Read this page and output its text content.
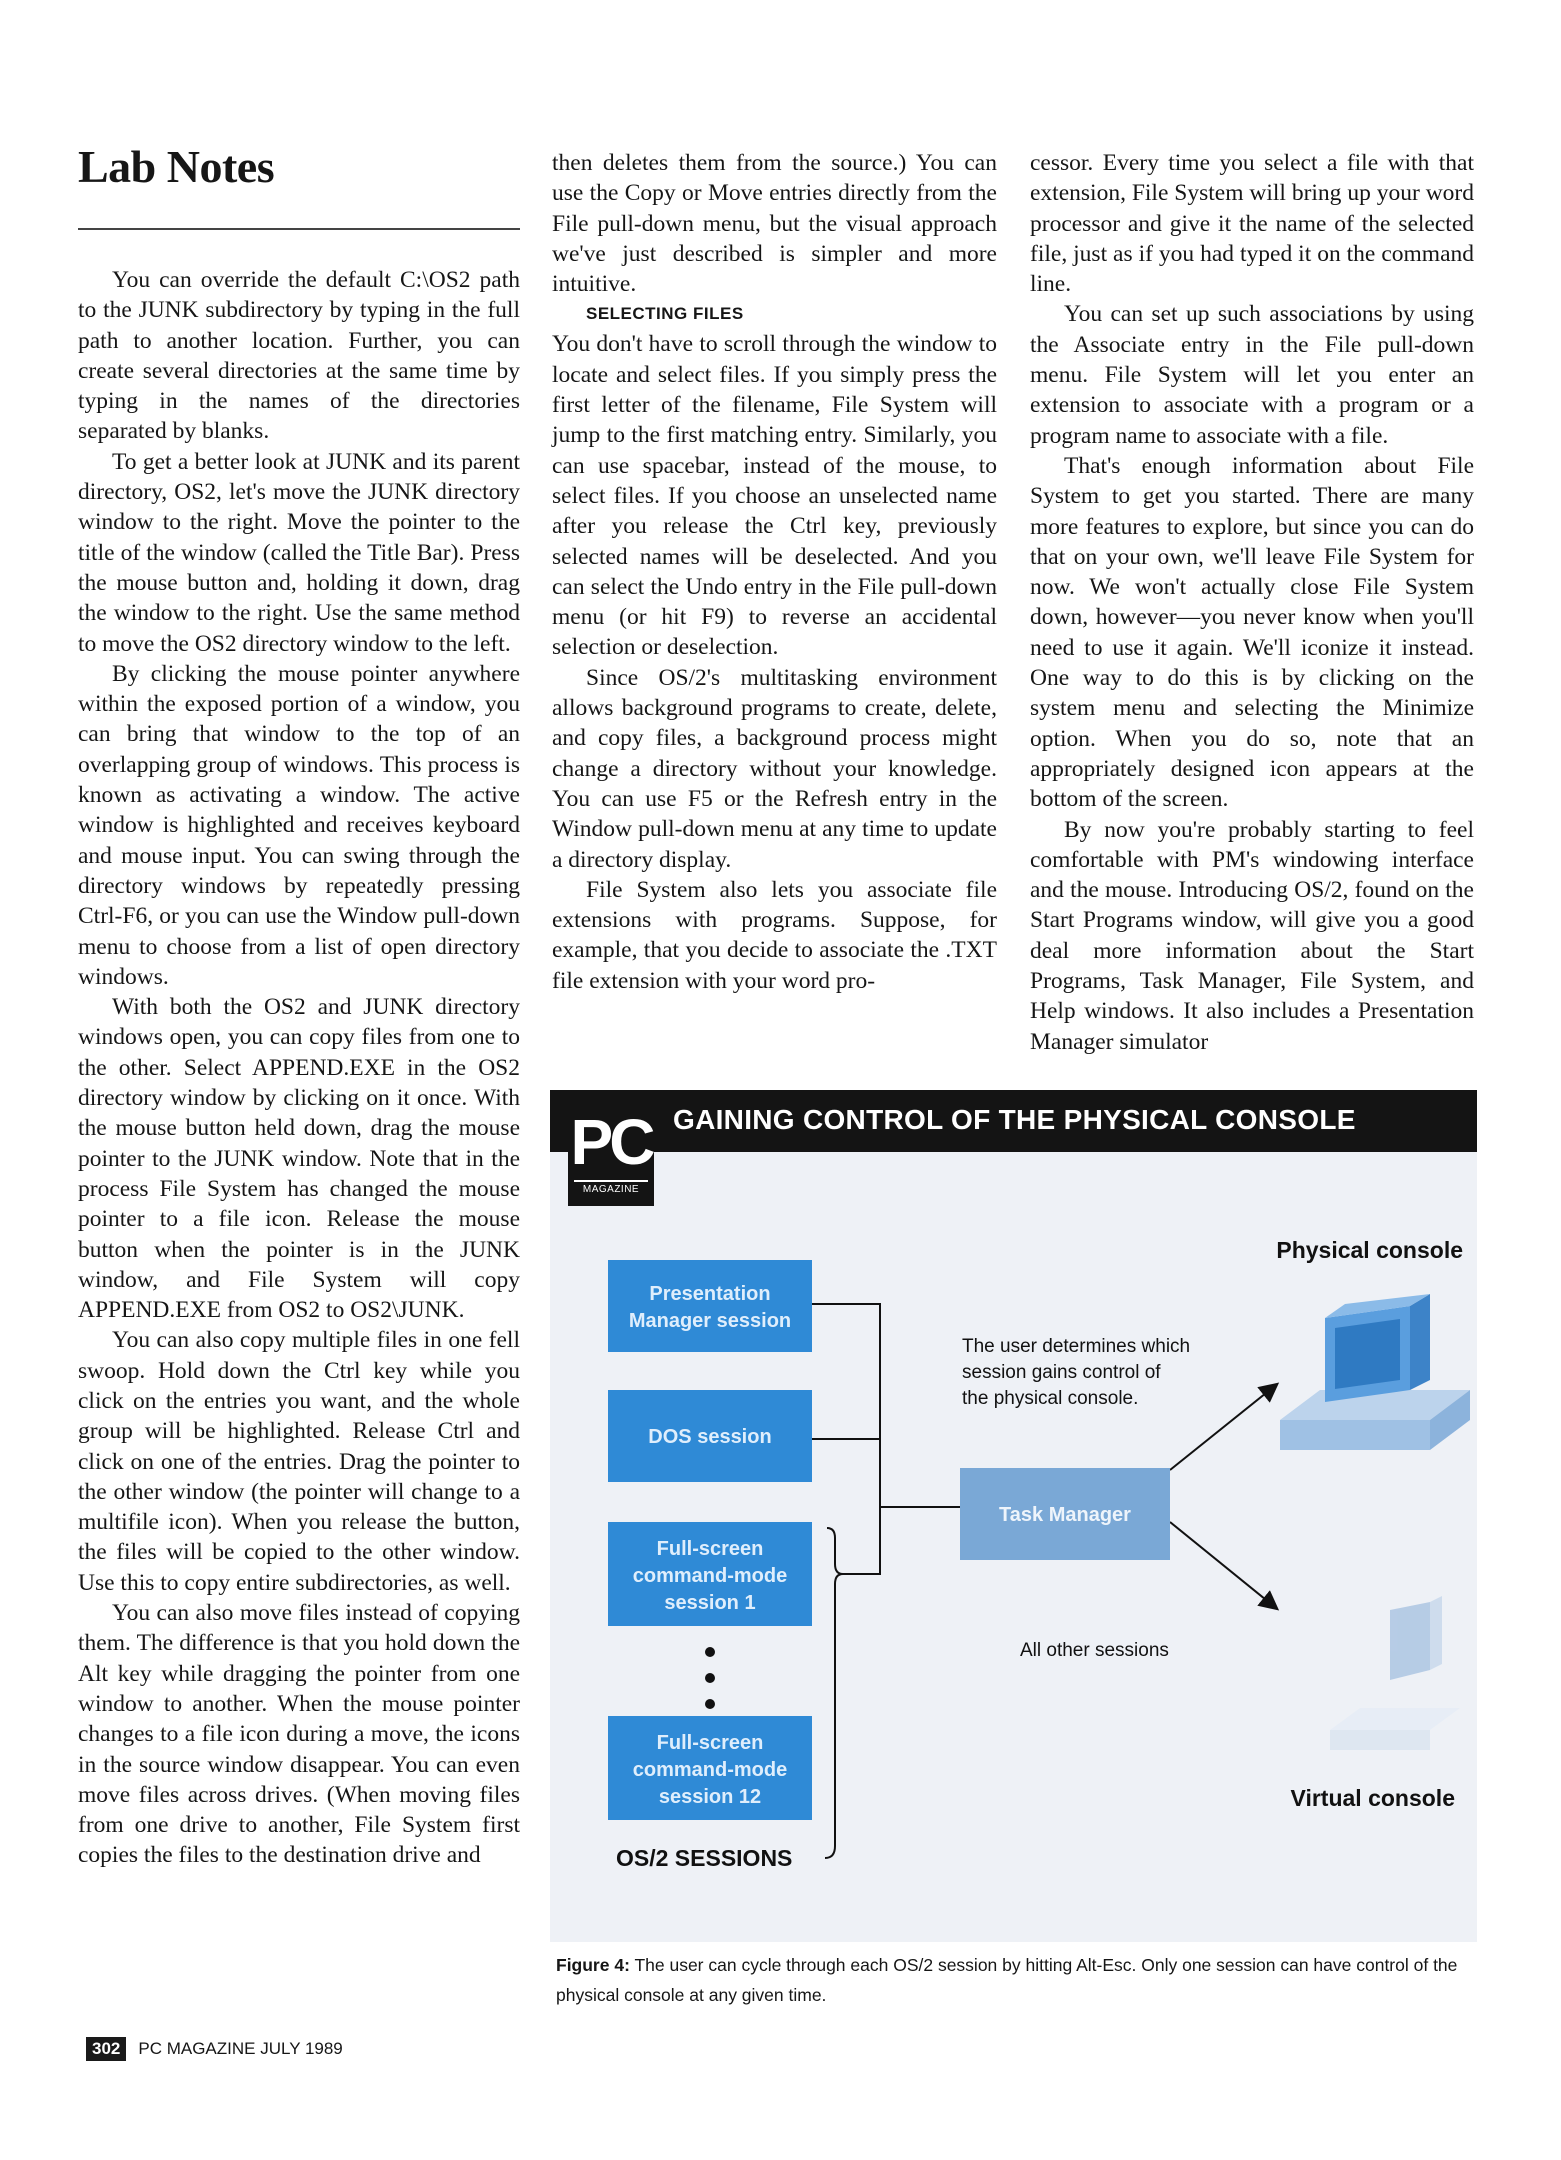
Lab Notes

You can override the default C:\OS2 path to the JUNK subdirectory by typing in the full path to another location. Further, you can create several directories at the same time by typing in the names of the directories separated by blanks.

To get a better look at JUNK and its parent directory, OS2, let's move the JUNK directory window to the right. Move the pointer to the title of the window (called the Title Bar). Press the mouse button and, holding it down, drag the window to the right. Use the same method to move the OS2 directory window to the left.

By clicking the mouse pointer anywhere within the exposed portion of a window, you can bring that window to the top of an overlapping group of windows. This process is known as activating a window. The active window is highlighted and receives keyboard and mouse input. You can swing through the directory windows by repeatedly pressing Ctrl-F6, or you can use the Window pull-down menu to choose from a list of open directory windows.

With both the OS2 and JUNK directory windows open, you can copy files from one to the other. Select APPEND.EXE in the OS2 directory window by clicking on it once. With the mouse button held down, drag the mouse pointer to the JUNK window. Note that in the process File System has changed the mouse pointer to a file icon. Release the mouse button when the pointer is in the JUNK window, and File System will copy APPEND.EXE from OS2 to OS2\JUNK.

You can also copy multiple files in one fell swoop. Hold down the Ctrl key while you click on the entries you want, and the whole group will be highlighted. Release Ctrl and click on one of the entries. Drag the pointer to the other window (the pointer will change to a multifile icon). When you release the button, the files will be copied to the other window. Use this to copy entire subdirectories, as well.

You can also move files instead of copying them. The difference is that you hold down the Alt key while dragging the pointer from one window to another. When the mouse pointer changes to a file icon during a move, the icons in the source window disappear. You can even move files across drives. (When moving files from one drive to another, File System first copies the files to the destination drive and

then deletes them from the source.) You can use the Copy or Move entries directly from the File pull-down menu, but the visual approach we've just described is simpler and more intuitive.

SELECTING FILES

You don't have to scroll through the window to locate and select files. If you simply press the first letter of the filename, File System will jump to the first matching entry. Similarly, you can use spacebar, instead of the mouse, to select files. If you choose an unselected name after you release the Ctrl key, previously selected names will be deselected. And you can select the Undo entry in the File pull-down menu (or hit F9) to reverse an accidental selection or deselection.

Since OS/2's multitasking environment allows background programs to create, delete, and copy files, a background process might change a directory without your knowledge. You can use F5 or the Refresh entry in the Window pull-down menu at any time to update a directory display.

File System also lets you associate file extensions with programs. Suppose, for example, that you decide to associate the .TXT file extension with your word pro-

cessor. Every time you select a file with that extension, File System will bring up your word processor and give it the name of the selected file, just as if you had typed it on the command line.

You can set up such associations by using the Associate entry in the File pull-down menu. File System will let you enter an extension to associate with a program or a program name to associate with a file.

That's enough information about File System to get you started. There are many more features to explore, but since you can do that on your own, we'll leave File System for now. We won't actually close File System down, however—you never know when you'll need to use it again. We'll iconize it instead. One way to do this is by clicking on the system menu and selecting the Minimize option. When you do so, note that an appropriately designed icon appears at the bottom of the screen.

By now you're probably starting to feel comfortable with PM's windowing interface and the mouse. Introducing OS/2, found on the Start Programs window, will give you a good deal more information about the Start Programs, Task Manager, File System, and Help windows. It also includes a Presentation Manager simulator

GAINING CONTROL OF THE PHYSICAL CONSOLE
PC
MAGAZINE
Presentation
Manager session
DOS session
Full-screen
command-mode
session 1
Full-screen
command-mode
session 12
OS/2 SESSIONS
Task Manager
The user determines which
session gains control of
the physical console.
All other sessions
Physical console
Virtual console
Figure 4: The user can cycle through each OS/2 session by hitting Alt-Esc. Only one session can have control of the physical console at any given time.
302	PC MAGAZINE JULY 1989
